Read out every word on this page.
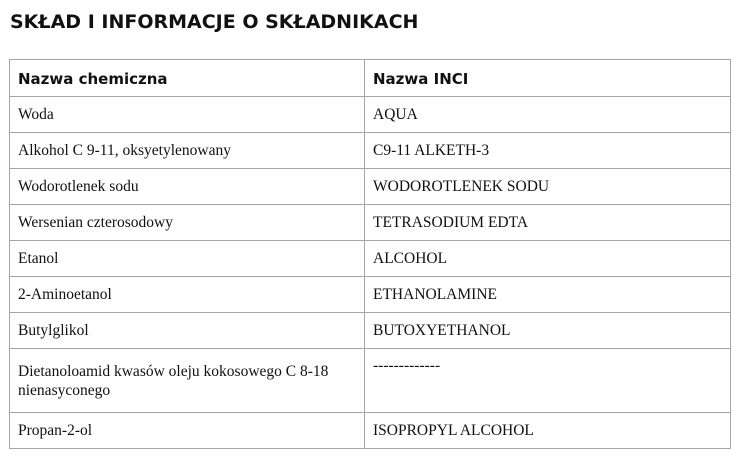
SKŁAD I INFORMACJE O SKŁADNIKACH
Nazwa chemiczna	Nazwa INCI
Woda	AQUA
Alkohol C 9-11, oksyetylenowany	C9-11 ALKETH-3
Wodorotlenek sodu	WODOROTLENEK SODU
Wersenian czterosodowy	TETRASODIUM EDTA
Etanol	ALCOHOL
2-Aminoetanol	ETHANOLAMINE
Butylglikol	BUTOXYETHANOL
Dietanoloamid kwasów oleju kokosowego C 8-18 nienasyconego	-------------
Propan-2-ol	ISOPROPYL ALCOHOL
